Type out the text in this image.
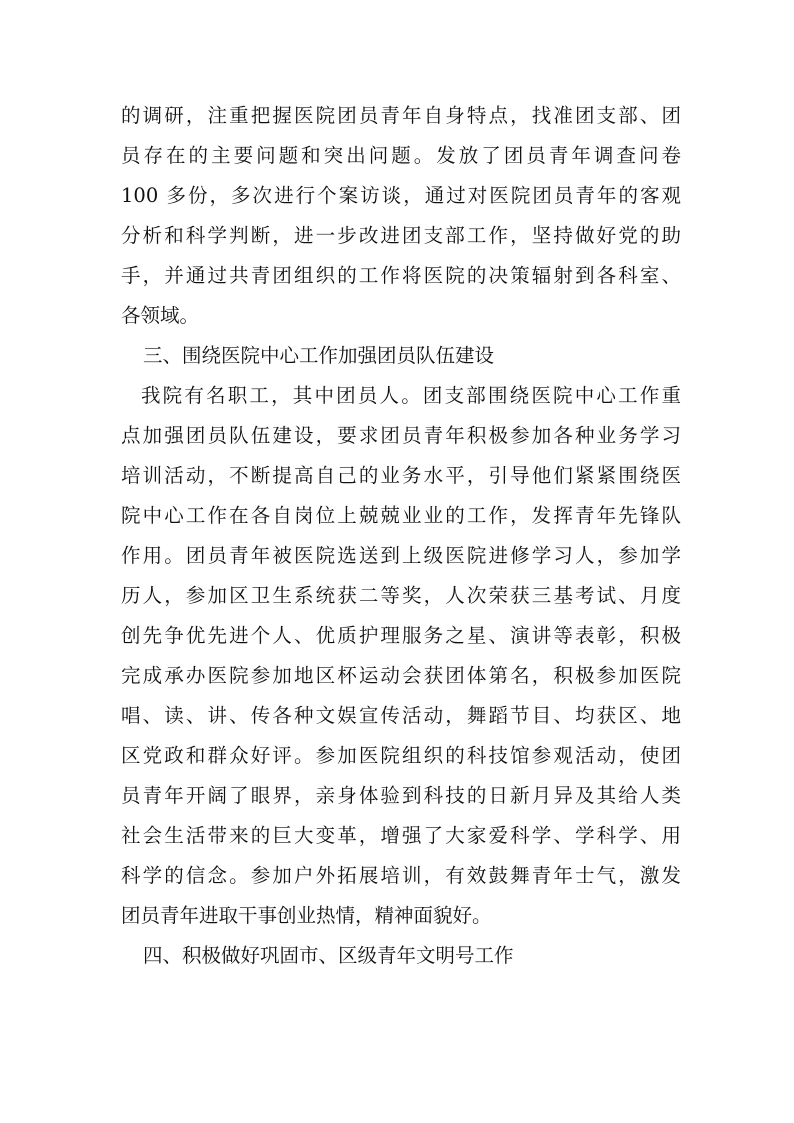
的调研，注重把握医院团员青年自身特点，找准团支部、团
员存在的主要问题和突出问题。发放了团员青年调查问卷
100 多份，多次进行个案访谈，通过对医院团员青年的客观
分析和科学判断，进一步改进团支部工作，坚持做好党的助
手，并通过共青团组织的工作将医院的决策辐射到各科室、
各领域。
三、围绕医院中心工作加强团员队伍建设
我院有名职工，其中团员人。团支部围绕医院中心工作重
点加强团员队伍建设，要求团员青年积极参加各种业务学习
培训活动，不断提高自己的业务水平，引导他们紧紧围绕医
院中心工作在各自岗位上兢兢业业的工作，发挥青年先锋队
作用。团员青年被医院选送到上级医院进修学习人，参加学
历人，参加区卫生系统获二等奖，人次荣获三基考试、月度
创先争优先进个人、优质护理服务之星、演讲等表彰，积极
完成承办医院参加地区杯运动会获团体第名，积极参加医院
唱、读、讲、传各种文娱宣传活动，舞蹈节目、均获区、地
区党政和群众好评。参加医院组织的科技馆参观活动，使团
员青年开阔了眼界，亲身体验到科技的日新月异及其给人类
社会生活带来的巨大变革，增强了大家爱科学、学科学、用
科学的信念。参加户外拓展培训，有效鼓舞青年士气，激发
团员青年进取干事创业热情，精神面貌好。
四、积极做好巩固市、区级青年文明号工作
